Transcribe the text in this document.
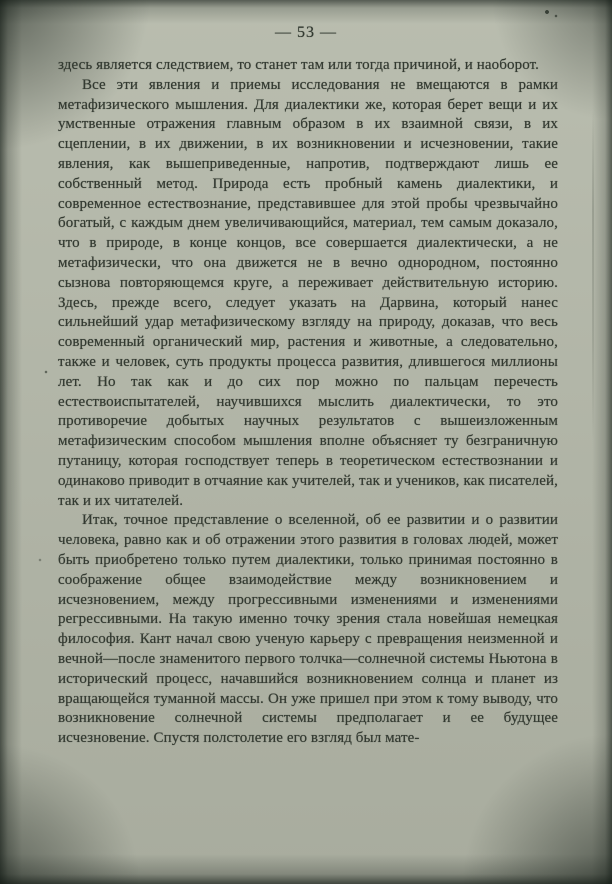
— 53 —

здесь является следствием, то станет там или тогда причиной, и наоборот.

Все эти явления и приемы исследования не вмещаются в рамки метафизического мышления. Для диалектики же, которая берет вещи и их умственные отражения главным образом в их взаимной связи, в их сцеплении, в их движении, в их возникновении и исчезновении, такие явления, как вышеприведенные, напротив, подтверждают лишь ее собственный метод. Природа есть пробный камень диалектики, и современное естествознание, представившее для этой пробы чрезвычайно богатый, с каждым днем увеличивающийся, материал, тем самым доказало, что в природе, в конце концов, все совершается диалектически, а не метафизически, что она движется не в вечно однородном, постоянно сызнова повторяющемся круге, а переживает действительную историю. Здесь, прежде всего, следует указать на Дарвина, который нанес сильнейший удар метафизическому взгляду на природу, доказав, что весь современный органический мир, растения и животные, а следовательно, также и человек, суть продукты процесса развития, длившегося миллионы лет. Но так как и до сих пор можно по пальцам перечесть естествоиспытателей, научившихся мыслить диалектически, то это противоречие добытых научных результатов с вышеизложенным метафизическим способом мышления вполне объясняет ту безграничную путаницу, которая господствует теперь в теоретическом естествознании и одинаково приводит в отчаяние как учителей, так и учеников, как писателей, так и их читателей.

Итак, точное представление о вселенной, об ее развитии и о развитии человека, равно как и об отражении этого развития в головах людей, может быть приобретено только путем диалектики, только принимая постоянно в соображение общее взаимодействие между возникновением и исчезновением, между прогрессивными изменениями и изменениями регрессивными. На такую именно точку зрения стала новейшая немецкая философия. Кант начал свою ученую карьеру с превращения неизменной и вечной—после знаменитого первого толчка—солнечной системы Ньютона в исторический процесс, начавшийся возникновением солнца и планет из вращающейся туманной массы. Он уже пришел при этом к тому выводу, что возникновение солнечной системы предполагает и ее будущее исчезновение. Спустя полстолетие его взгляд был мате-
